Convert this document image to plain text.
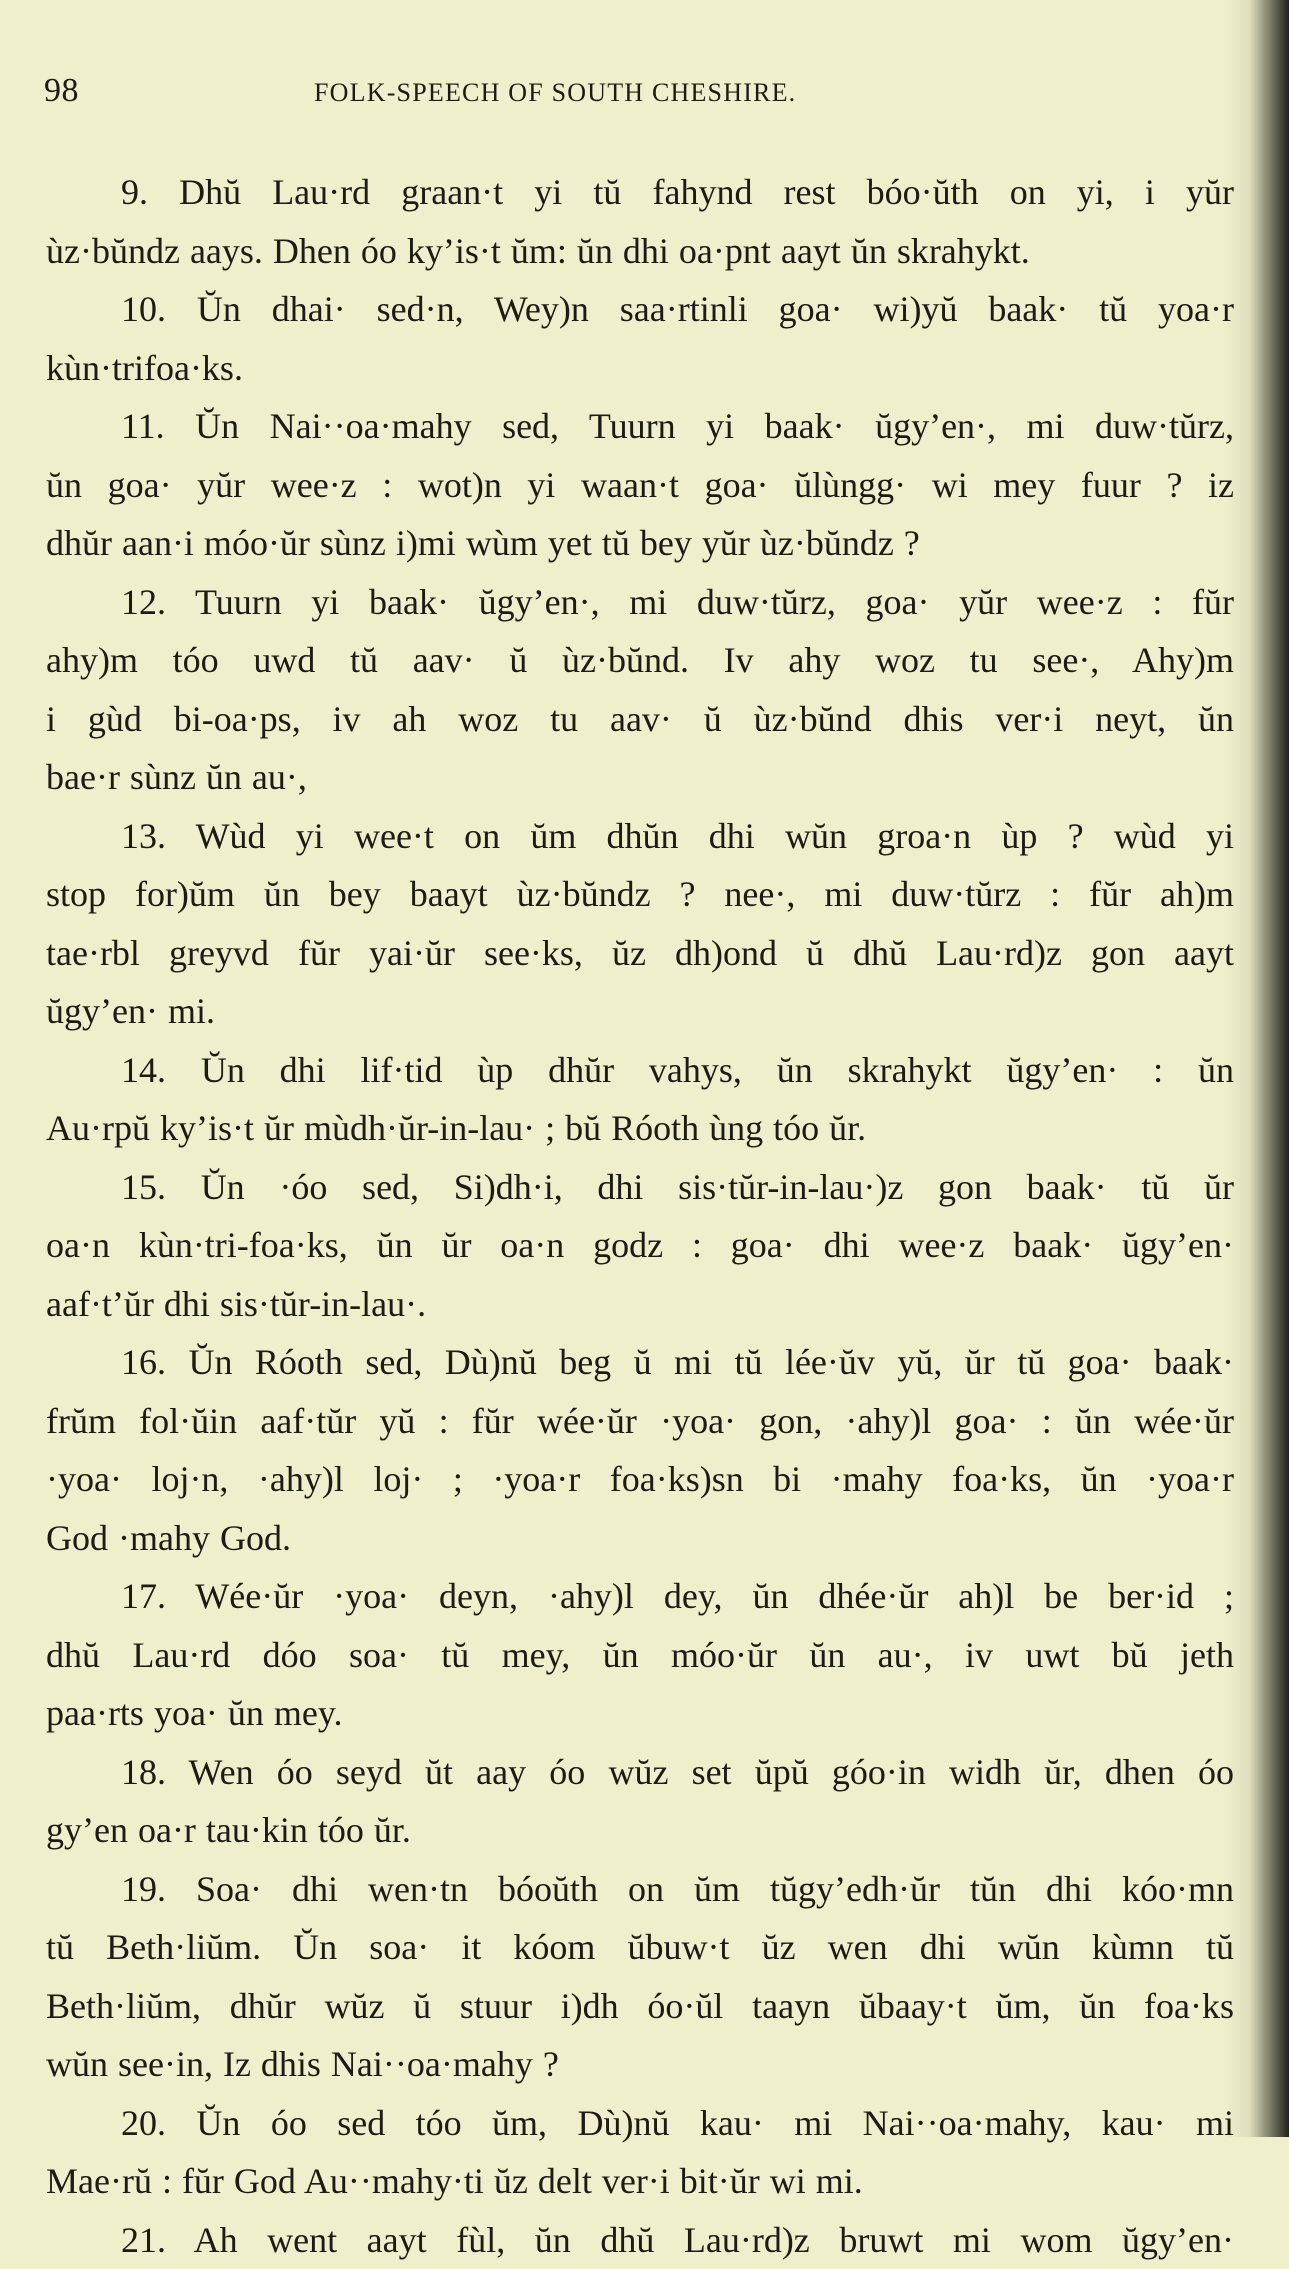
98	FOLK-SPEECH OF SOUTH CHESHIRE.
9. Dhŭ Lau·rd graan·t yi tŭ fahynd rest bóo·ŭth on yi, i yŭr
ùz·bŭndz aays. Dhen óo ky’is·t ŭm: ŭn dhi oa·pnt aayt ŭn skrahykt.
10. Ŭn dhai· sed·n, Wey)n saa·rtinli goa· wi)yŭ baak· tŭ yoa·r
kùn·trifoa·ks.
11. Ŭn Nai··oa·mahy sed, Tuurn yi baak· ŭgy’en·, mi duw·tŭrz,
ŭn goa· yŭr wee·z : wot)n yi waan·t goa· ŭlùngg· wi mey fuur ? iz
dhŭr aan·i móo·ŭr sùnz i)mi wùm yet tŭ bey yŭr ùz·bŭndz ?
12. Tuurn yi baak· ŭgy’en·, mi duw·tŭrz, goa· yŭr wee·z : fŭr
ahy)m tóo uwd tŭ aav· ŭ ùz·bŭnd. Iv ahy woz tu see·, Ahy)m
i gùd bi-oa·ps, iv ah woz tu aav· ŭ ùz·bŭnd dhis ver·i neyt, ŭn
bae·r sùnz ŭn au·,
13. Wùd yi wee·t on ŭm dhŭn dhi wŭn groa·n ùp ? wùd yi
stop for)ŭm ŭn bey baayt ùz·bŭndz ? nee·, mi duw·tŭrz : fŭr ah)m
tae·rbl greyvd fŭr yai·ŭr see·ks, ŭz dh)ond ŭ dhŭ Lau·rd)z gon aayt
ŭgy’en· mi.
14. Ŭn dhi lif·tid ùp dhŭr vahys, ŭn skrahykt ŭgy’en· : ŭn
Au·rpŭ ky’is·t ŭr mùdh·ŭr-in-lau· ; bŭ Róoth ùng tóo ŭr.
15. Ŭn ·óo sed, Si)dh·i, dhi sis·tŭr-in-lau·)z gon baak· tŭ ŭr
oa·n kùn·tri-foa·ks, ŭn ŭr oa·n godz : goa· dhi wee·z baak· ŭgy’en·
aaf·t’ŭr dhi sis·tŭr-in-lau·.
16. Ŭn Róoth sed, Dù)nŭ beg ŭ mi tŭ lée·ŭv yŭ, ŭr tŭ goa· baak·
frŭm fol·ŭin aaf·tŭr yŭ : fŭr wée·ŭr ·yoa· gon, ·ahy)l goa· : ŭn wée·ŭr
·yoa· loj·n, ·ahy)l loj· ; ·yoa·r foa·ks)sn bi ·mahy foa·ks, ŭn ·yoa·r
God ·mahy God.
17. Wée·ŭr ·yoa· deyn, ·ahy)l dey, ŭn dhée·ŭr ah)l be ber·id ;
dhŭ Lau·rd dóo soa· tŭ mey, ŭn móo·ŭr ŭn au·, iv uwt bŭ jeth
paa·rts yoa· ŭn mey.
18. Wen óo seyd ŭt aay óo wŭz set ŭpŭ góo·in widh ŭr, dhen óo
gy’en oa·r tau·kin tóo ŭr.
19. Soa· dhi wen·tn bóoŭth on ŭm tŭgy’edh·ŭr tŭn dhi kóo·mn
tŭ Beth·liŭm. Ŭn soa· it kóom ŭbuw·t ŭz wen dhi wŭn kùmn tŭ
Beth·liŭm, dhŭr wŭz ŭ stuur i)dh óo·ŭl taayn ŭbaay·t ŭm, ŭn foa·ks
wŭn see·in, Iz dhis Nai··oa·mahy ?
20. Ŭn óo sed tóo ŭm, Dù)nŭ kau· mi Nai··oa·mahy, kau· mi
Mae·rŭ : fŭr God Au··mahy·ti ŭz delt ver·i bit·ŭr wi mi.
21. Ah went aayt fùl, ŭn dhŭ Lau·rd)z bruwt mi wom ŭgy’en·
